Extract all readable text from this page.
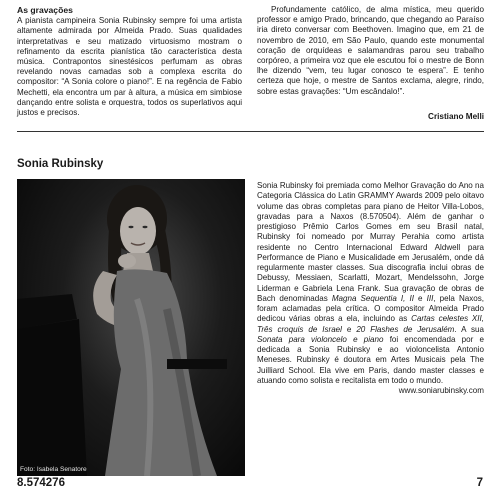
As gravações

A pianista campineira Sonia Rubinsky sempre foi uma artista altamente admirada por Almeida Prado. Suas qualidades interpretativas e seu matizado virtuosismo mostram o refinamento da escrita pianística tão característica desta música. Contrapontos sinestésicos perfumam as obras revelando novas camadas sob a complexa escrita do compositor: “A Sonia colore o piano!”. E na regência de Fabio Mechetti, ela encontra um par à altura, a música em simbiose dançando entre solista e orquestra, todos os superlativos aqui justos e precisos.

Profundamente católico, de alma mística, meu querido professor e amigo Prado, brincando, que chegando ao Paraíso iria direto conversar com Beethoven. Imagino que, em 21 de novembro de 2010, em São Paulo, quando este monumental coração de orquídeas e salamandras parou seu trabalho corpóreo, a primeira voz que ele escutou foi o mestre de Bonn lhe dizendo “vem, teu lugar conosco te espera”. E tenho certeza que hoje, o mestre de Santos exclama, alegre, rindo, sobre estas gravações: “Um escândalo!”.

Cristiano Melli
Sonia Rubinsky
Foto: Isabela Senatore

Sonia Rubinsky foi premiada como Melhor Gravação do Ano na Categoria Clássica do Latin GRAMMY Awards 2009 pelo oitavo volume das obras completas para piano de Heitor Villa-Lobos, gravadas para a Naxos (8.570504). Além de ganhar o prestigioso Prêmio Carlos Gomes em seu Brasil natal, Rubinsky foi nomeado por Murray Perahia como artista residente no Centro Internacional Edward Aldwell para Performance de Piano e Musicalidade em Jerusalém, onde dá regularmente master classes. Sua discografia inclui obras de Debussy, Messiaen, Scarlatti, Mozart, Mendelssohn, Jorge Liderman e Gabriela Lena Frank. Sua gravação de obras de Bach denominadas Magna Sequentia I, II e III, pela Naxos, foram aclamadas pela crítica. O compositor Almeida Prado dedicou várias obras a ela, incluindo as Cartas celestes XII, Três croquis de Israel e 20 Flashes de Jerusalém. A sua Sonata para violoncelo e piano foi encomendada por e dedicada a Sonia Rubinsky e ao violoncelista Antonio Meneses. Rubinsky é doutora em Artes Musicais pela The Juilliard School. Ela vive em Paris, dando master classes e atuando como solista e recitalista em todo o mundo.

www.soniarubinsky.com

8.574276	7
